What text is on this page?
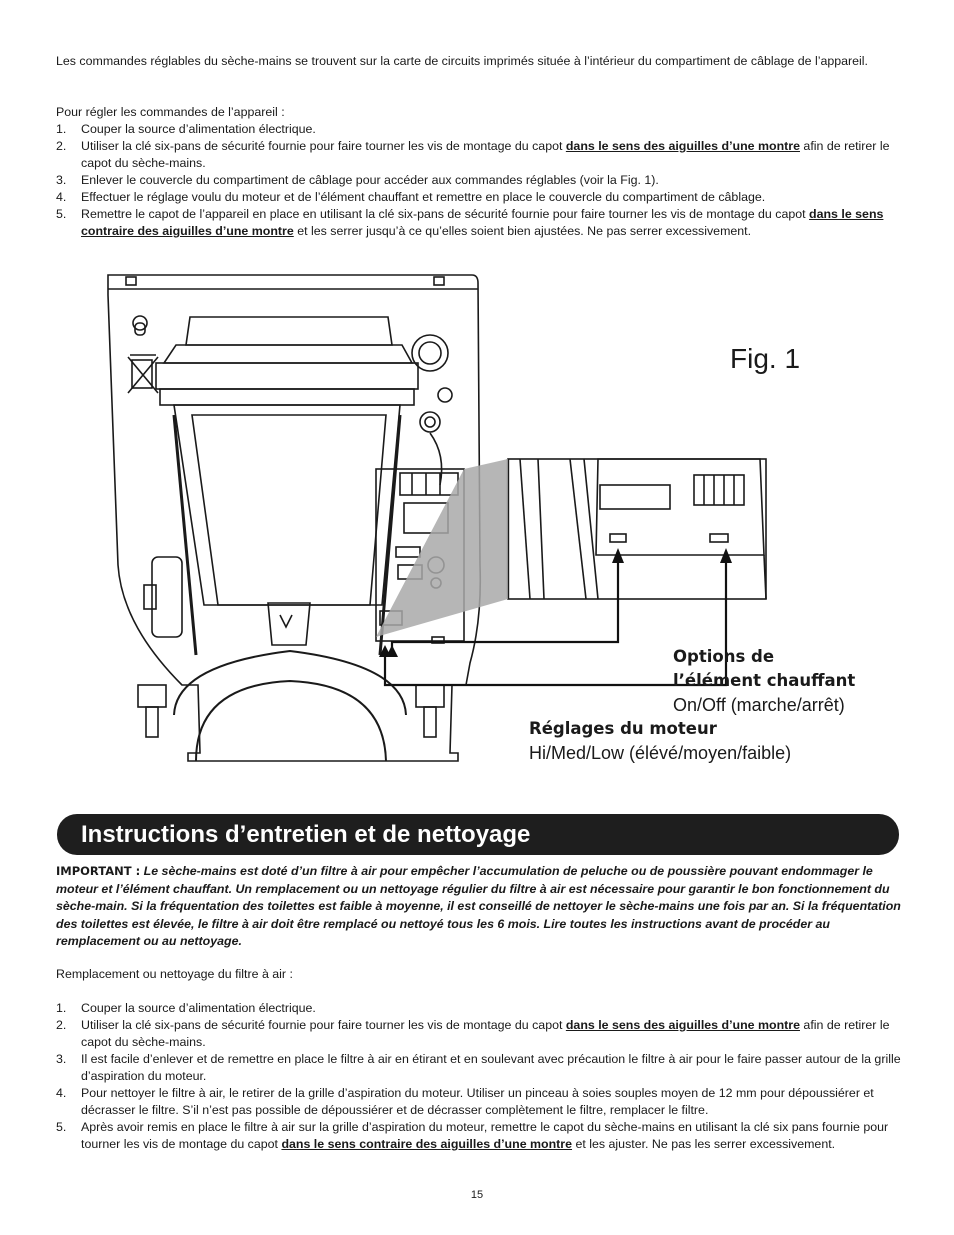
Les commandes réglables du sèche-mains se trouvent sur la carte de circuits imprimés située à l’intérieur du compartiment de câblage de l’appareil.
Pour régler les commandes de l’appareil :
1. Couper la source d’alimentation électrique.
2. Utiliser la clé six-pans de sécurité fournie pour faire tourner les vis de montage du capot dans le sens des aiguilles d’une montre afin de retirer le capot du sèche-mains.
3. Enlever le couvercle du compartiment de câblage pour accéder aux commandes réglables (voir la Fig. 1).
4. Effectuer le réglage voulu du moteur et de l’élément chauffant et remettre en place le couvercle du compartiment de câblage.
5. Remettre le capot de l’appareil en place en utilisant la clé six-pans de sécurité fournie pour faire tourner les vis de montage du capot dans le sens contraire des aiguilles d’une montre et les serrer jusqu’à ce qu’elles soient bien ajustées. Ne pas serrer excessivement.
Fig. 1
Options de
l’élément chauffant
On/Off (marche/arrêt)
Réglages du moteur
Hi/Med/Low (élévé/moyen/faible)
Instructions d’entretien et de nettoyage
IMPORTANT : Le sèche-mains est doté d’un filtre à air pour empêcher l’accumulation de peluche ou de poussière pouvant endommager le moteur et l’élément chauffant. Un remplacement ou un nettoyage régulier du filtre à air est nécessaire pour garantir le bon fonctionnement du sèche-main. Si la fréquentation des toilettes est faible à moyenne, il est conseillé de nettoyer le sèche-mains une fois par an. Si la fréquentation des toilettes est élevée, le filtre à air doit être remplacé ou nettoyé tous les 6 mois. Lire toutes les instructions avant de procéder au remplacement ou au nettoyage.
Remplacement ou nettoyage du filtre à air :
1. Couper la source d’alimentation électrique.
2. Utiliser la clé six-pans de sécurité fournie pour faire tourner les vis de montage du capot dans le sens des aiguilles d’une montre afin de retirer le capot du sèche-mains.
3. Il est facile d’enlever et de remettre en place le filtre à air en étirant et en soulevant avec précaution le filtre à air pour le faire passer autour de la grille d’aspiration du moteur.
4. Pour nettoyer le filtre à air, le retirer de la grille d’aspiration du moteur. Utiliser un pinceau à soies souples moyen de 12 mm pour dépoussiérer et décrasser le filtre. S’il n’est pas possible de dépoussiérer et de décrasser complètement le filtre, remplacer le filtre.
5. Après avoir remis en place le filtre à air sur la grille d’aspiration du moteur, remettre le capot du sèche-mains en utilisant la clé six pans fournie pour tourner les vis de montage du capot dans le sens contraire des aiguilles d’une montre et les ajuster. Ne pas les serrer excessivement.
15
